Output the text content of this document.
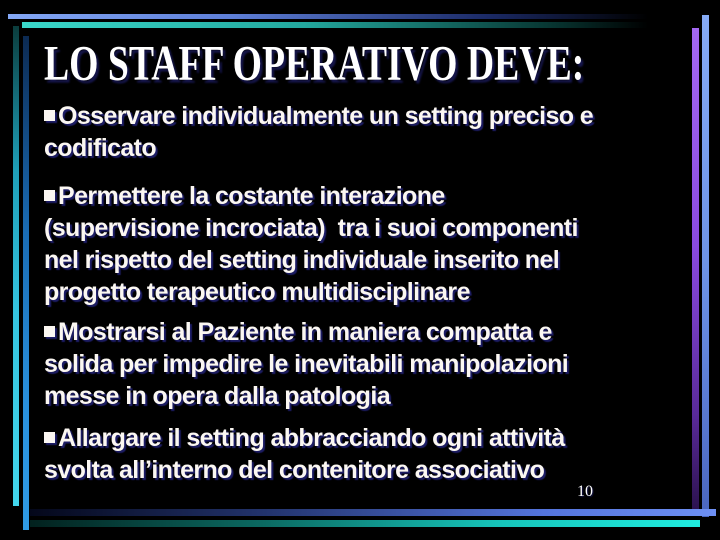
LO STAFF OPERATIVO DEVE:
Osservare individualmente un setting preciso e
codificato
Permettere la costante interazione
(supervisione incrociata)  tra i suoi componenti
nel rispetto del setting individuale inserito nel
progetto terapeutico multidisciplinare
Mostrarsi al Paziente in maniera compatta e
solida per impedire le inevitabili manipolazioni
messe in opera dalla patologia
Allargare il setting abbracciando ogni attività
svolta all’interno del contenitore associativo
10
